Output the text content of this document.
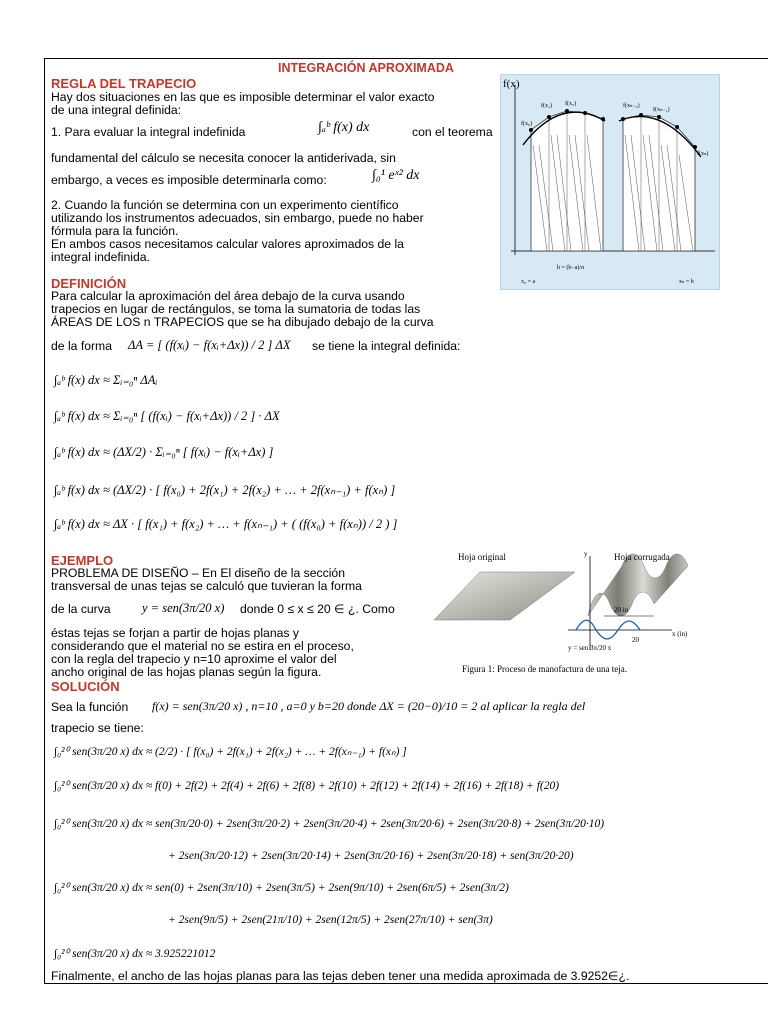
INTEGRACIÓN APROXIMADA
REGLA DEL TRAPECIO
Hay dos situaciones en las que es imposible determinar el valor exacto
de una integral definida:
1. Para evaluar la integral indefinida	∫ₐᵇ f(x) dx	con el teorema
fundamental del cálculo se necesita conocer la antiderivada, sin
embargo, a veces es imposible determinarla como:	∫₀¹ eˣ² dx
2. Cuando la función se determina con un experimento científico
utilizando los instrumentos adecuados, sin embargo, puede no haber
fórmula para la función.
En ambos casos necesitamos calcular valores aproximados de la
integral indefinida.
f(x)
f(x₀)
f(x₁) f(x₂)	f(xₙ₋₂)
f(xₙ₋₁)
f(xₙ)
x₀ = a	xₙ = b
h = (b−a)/n
DEFINICIÓN
Para calcular la aproximación del área debajo de la curva usando
trapecios en lugar de rectángulos, se toma la sumatoria de todas las
ÁREAS DE LOS n TRAPECIOS que se ha dibujado debajo de la curva
de la forma ΔA = [ (f(xᵢ) − f(xᵢ+Δx)) / 2 ] ΔX se tiene la integral definida:
∫ₐᵇ f(x) dx ≈ Σᵢ₌₀ⁿ ΔAᵢ
∫ₐᵇ f(x) dx ≈ Σᵢ₌₀ⁿ [ (f(xᵢ) − f(xᵢ+Δx)) / 2 ] · ΔX
∫ₐᵇ f(x) dx ≈ (ΔX/2) · Σᵢ₌₀ⁿ [ f(xᵢ) − f(xᵢ+Δx) ]
∫ₐᵇ f(x) dx ≈ (ΔX/2) · [ f(x₀) + 2f(x₁) + 2f(x₂) + … + 2f(xₙ₋₁) + f(xₙ) ]
∫ₐᵇ f(x) dx ≈ ΔX · [ f(x₁) + f(x₂) + … + f(xₙ₋₁) + ( (f(x₀) + f(xₙ)) / 2 ) ]
EJEMPLO
PROBLEMA DE DISEÑO – En El diseño de la sección
transversal de unas tejas se calculó que tuvieran la forma
de la curva	y = sen(3π/20 x) donde 0 ≤ x ≤ 20 ∈ ¿. Como
éstas tejas se forjan a partir de hojas planas y
considerando que el material no se estira en el proceso,
con la regla del trapecio y n=10 aproxime el valor del
ancho original de las hojas planas según la figura.
Hoja original	Hoja corrugada
y
x (in)
20 in
20
y = sen 3π/20 x
Figura 1: Proceso de manofactura de una teja.
SOLUCIÓN
Sea la función f(x) = sen(3π/20 x) , n=10 , a=0 y b=20 donde ΔX = (20−0)/10 = 2 al aplicar la regla del
trapecio se tiene:
∫₀²⁰ sen(3π/20 x) dx ≈ (2/2) · [ f(x₀) + 2f(x₁) + 2f(x₂) + … + 2f(xₙ₋₁) + f(xₙ) ]
∫₀²⁰ sen(3π/20 x) dx ≈ f(0) + 2f(2) + 2f(4) + 2f(6) + 2f(8) + 2f(10) + 2f(12) + 2f(14) + 2f(16) + 2f(18) + f(20)
∫₀²⁰ sen(3π/20 x) dx ≈ sen(3π/20·0) + 2sen(3π/20·2) + 2sen(3π/20·4) + 2sen(3π/20·6) + 2sen(3π/20·8) + 2sen(3π/20·10)
+ 2sen(3π/20·12) + 2sen(3π/20·14) + 2sen(3π/20·16) + 2sen(3π/20·18) + sen(3π/20·20)
∫₀²⁰ sen(3π/20 x) dx ≈ sen(0) + 2sen(3π/10) + 2sen(3π/5) + 2sen(9π/10) + 2sen(6π/5) + 2sen(3π/2)
+ 2sen(9π/5) + 2sen(21π/10) + 2sen(12π/5) + 2sen(27π/10) + sen(3π)
∫₀²⁰ sen(3π/20 x) dx ≈ 3.925221012
Finalmente, el ancho de las hojas planas para las tejas deben tener una medida aproximada de 3.9252∈¿.
